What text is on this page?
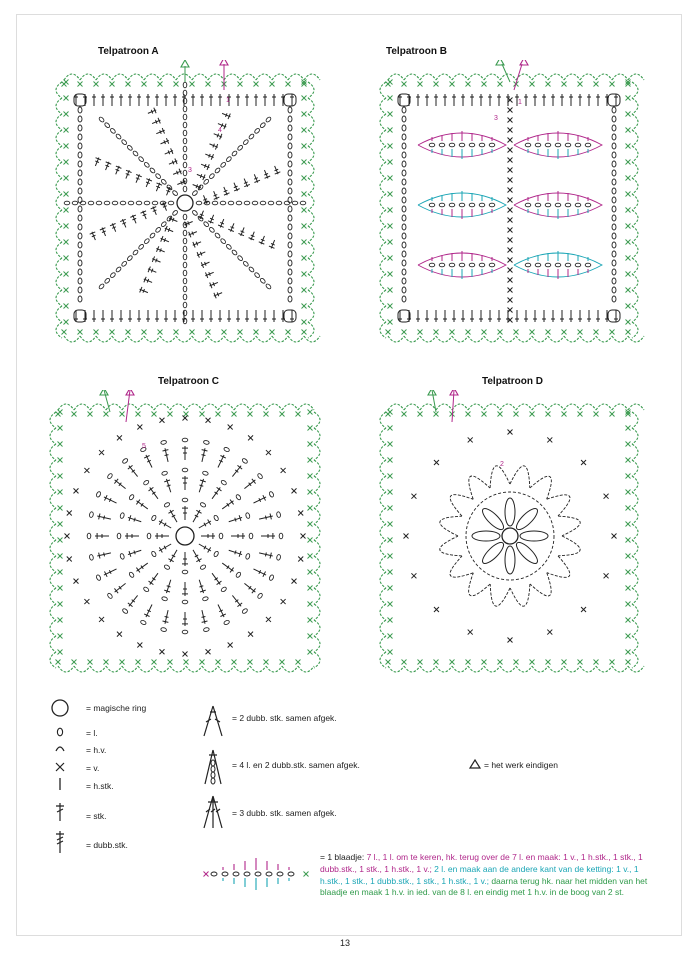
Telpatroon A	Telpatroon B
Telpatroon C	Telpatroon D
1
3
4
1
3
5
2
= magische ring
= l.
= h.v.
= v.
= h.stk.
= stk.
= dubb.stk.
= 2 dubb. stk. samen afgek.
= 4 l. en 2 dubb.stk. samen afgek.
= 3 dubb. stk. samen afgek.
= het werk eindigen
= 1 blaadje: 7 l., 1 l. om te keren, hk. terug over de 7 l. en maak: 1 v., 1 h.stk., 1 stk., 1 dubb.stk., 1 stk., 1 h.stk., 1 v.; 2 l. en maak aan de andere kant van de ketting: 1 v., 1 h.stk., 1 stk., 1 dubb.stk., 1 stk., 1 h.stk., 1 v.; daarna terug hk. naar het midden van het blaadje en maak 1 h.v. in ied. van de 8 l. en eindig met 1 h.v. in de boog van 2 st.
13
